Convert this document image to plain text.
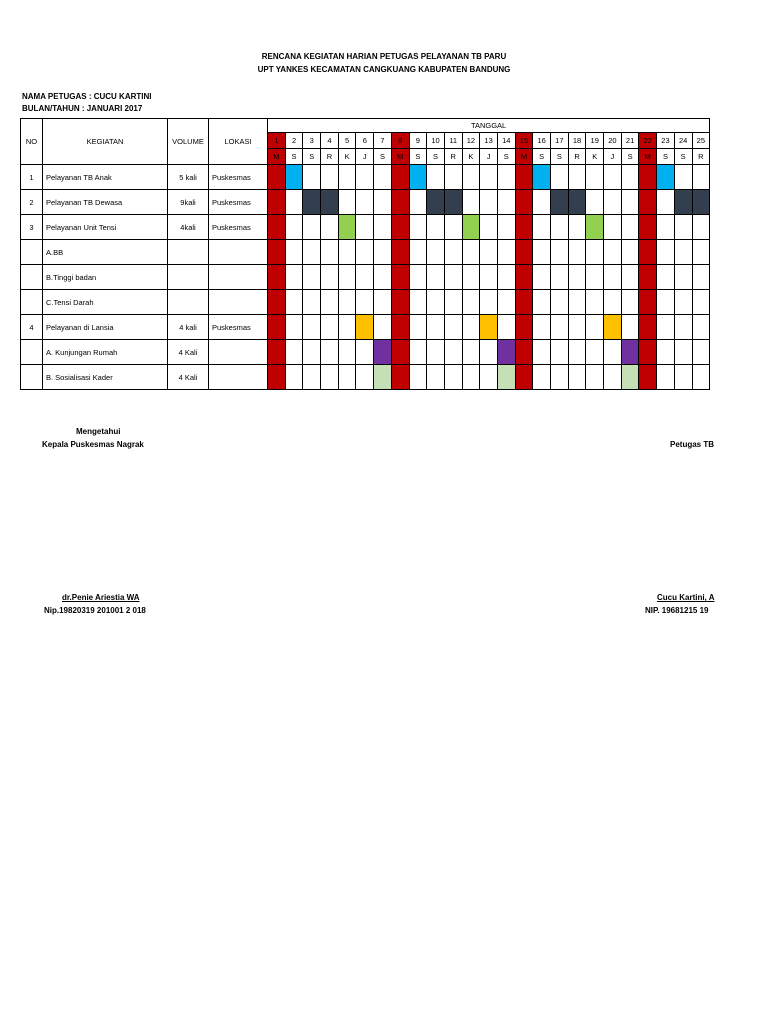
RENCANA KEGIATAN HARIAN PETUGAS PELAYANAN TB PARU
UPT YANKES KECAMATAN CANGKUANG KABUPATEN BANDUNG
NAMA PETUGAS : CUCU KARTINI
BULAN/TAHUN : JANUARI 2017
NO	KEGIATAN	VOLUME	LOKASI	TANGGAL																								
				1	2	3	4	5	6	7	8	9	10	11	12	13	14	15	16	17	18	19	20	21	22	23	24	25
				M	S	S	R	K	J	S	M	S	S	R	K	J	S	M	S	S	R	K	J	S	M	S	S	R
1	Pelayanan TB Anak	5 kali	Puskesmas																									
2	Pelayanan TB Dewasa	9kali	Puskesmas																									
3	Pelayanan Unit Tensi	4kali	Puskesmas																									
	A.BB																											
	B.Tinggi badan																											
	C.Tensi Darah																											
4	Pelayanan di Lansia	4 kali	Puskesmas																									
	A. Kunjungan Rumah	4 Kali																										
	B. Sosialisasi Kader	4 Kali																										
Mengetahui
Kepala Puskesmas Nagrak	Petugas TB
dr.Penie Ariestia WA
Nip.19820319 201001 2 018
Cucu Kartini, A
NIP. 19681215 19
